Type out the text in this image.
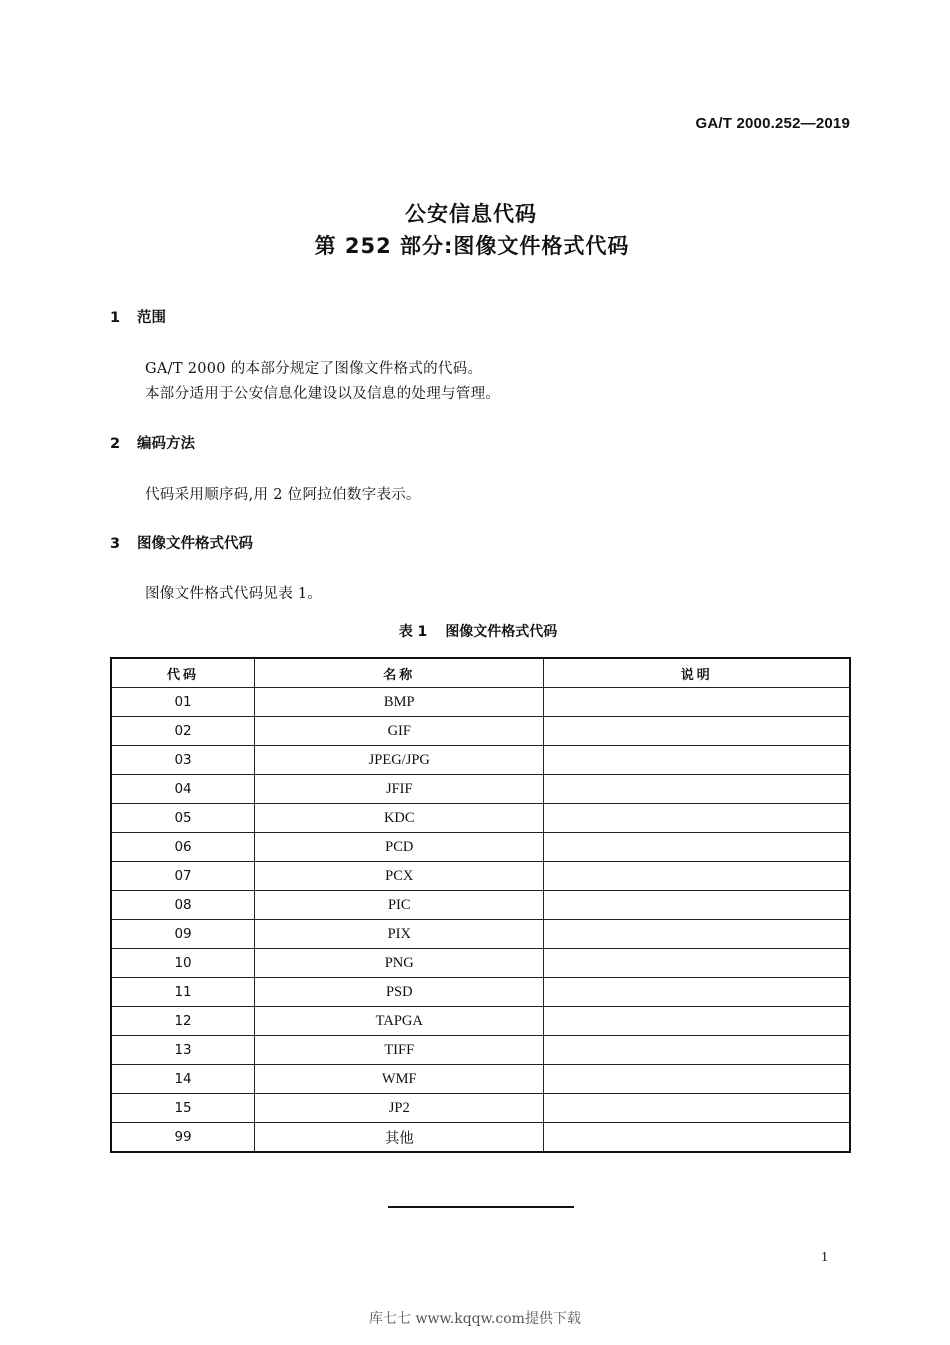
GA/T 2000.252—2019
公安信息代码
第 252 部分:图像文件格式代码
1 范围
GA/T 2000 的本部分规定了图像文件格式的代码。
本部分适用于公安信息化建设以及信息的处理与管理。
2 编码方法
代码采用顺序码,用 2 位阿拉伯数字表示。
3 图像文件格式代码
图像文件格式代码见表 1。
表 1 图像文件格式代码
代码	名称	说明
01	BMP	
02	GIF	
03	JPEG/JPG	
04	JFIF	
05	KDC	
06	PCD	
07	PCX	
08	PIC	
09	PIX	
10	PNG	
11	PSD	
12	TAPGA	
13	TIFF	
14	WMF	
15	JP2	
99	其他	
1
库七七 www.kqqw.com提供下载
